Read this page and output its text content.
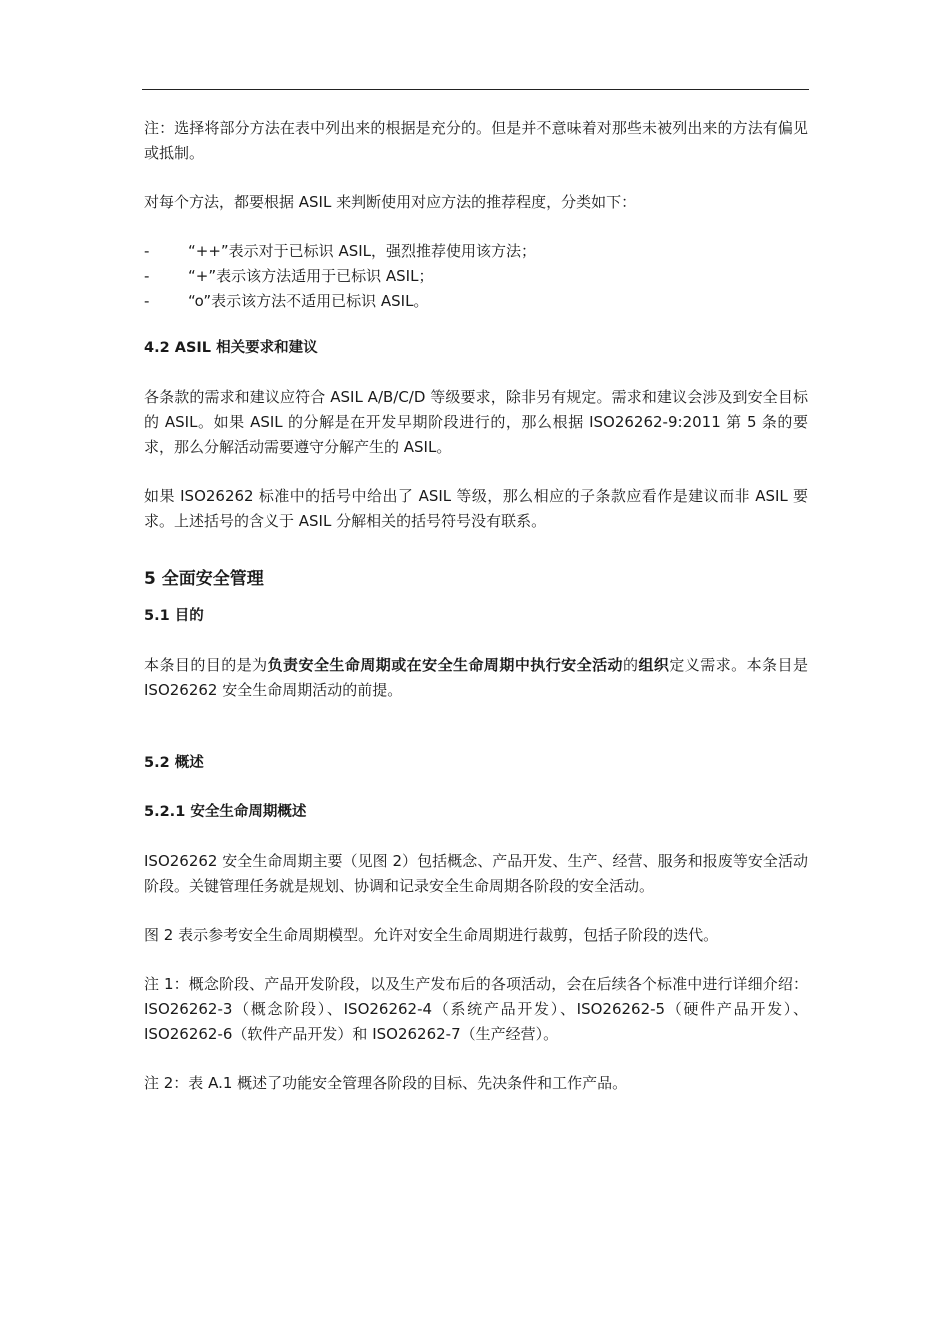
注：选择将部分方法在表中列出来的根据是充分的。但是并不意味着对那些未被列出来的方法有偏见或抵制。

对每个方法，都要根据 ASIL 来判断使用对应方法的推荐程度，分类如下：

-	“++”表示对于已标识 ASIL，强烈推荐使用该方法；
-	“+”表示该方法适用于已标识 ASIL；
-	“o”表示该方法不适用已标识 ASIL。
4.2 ASIL 相关要求和建议

各条款的需求和建议应符合 ASIL A/B/C/D 等级要求，除非另有规定。需求和建议会涉及到安全目标的 ASIL。如果 ASIL 的分解是在开发早期阶段进行的，那么根据 ISO26262-9:2011 第 5 条的要求，那么分解活动需要遵守分解产生的 ASIL。

如果 ISO26262 标准中的括号中给出了 ASIL 等级，那么相应的子条款应看作是建议而非 ASIL 要求。上述括号的含义于 ASIL 分解相关的括号符号没有联系。

5 全面安全管理
5.1 目的

本条目的目的是为负责安全生命周期或在安全生命周期中执行安全活动的组织定义需求。本条目是 ISO26262 安全生命周期活动的前提。

5.2 概述
5.2.1 安全生命周期概述

ISO26262 安全生命周期主要（见图 2）包括概念、产品开发、生产、经营、服务和报废等安全活动阶段。关键管理任务就是规划、协调和记录安全生命周期各阶段的安全活动。

图 2 表示参考安全生命周期模型。允许对安全生命周期进行裁剪，包括子阶段的迭代。

注 1：概念阶段、产品开发阶段，以及生产发布后的各项活动，会在后续各个标准中进行详细介绍：ISO26262-3（概念阶段）、ISO26262-4（系统产品开发）、ISO26262-5（硬件产品开发）、ISO26262-6（软件产品开发）和 ISO26262-7（生产经营）。

注 2：表 A.1 概述了功能安全管理各阶段的目标、先决条件和工作产品。
